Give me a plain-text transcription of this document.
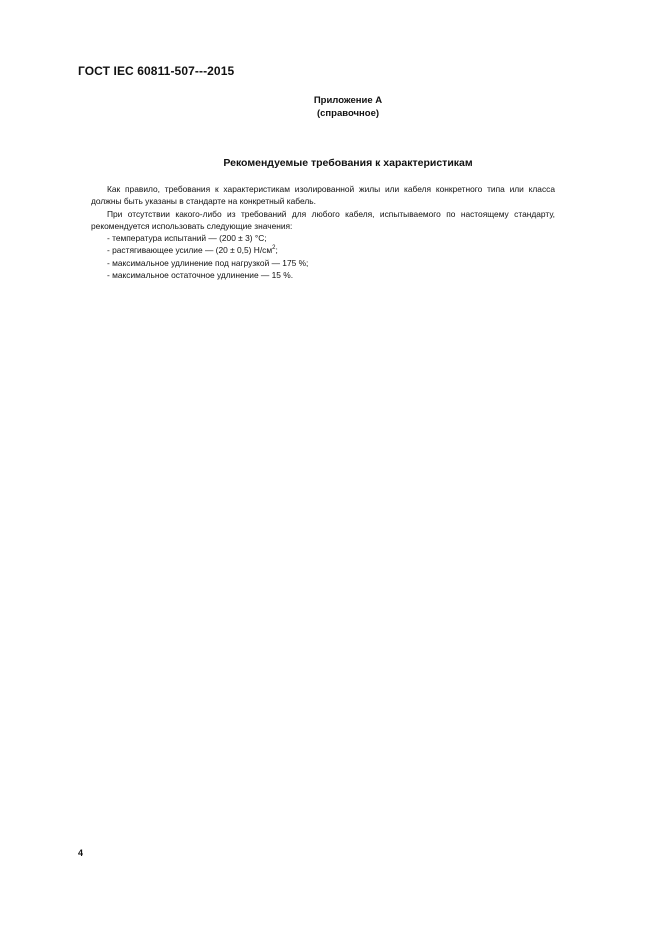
ГОСТ IEC 60811-507---2015
Приложение А
(справочное)
Рекомендуемые требования к характеристикам

Как правило, требования к характеристикам изолированной жилы или кабеля конкретного типа или класса должны быть указаны в стандарте на конкретный кабель.

При отсутствии какого-либо из требований для любого кабеля, испытываемого по настоящему стандарту, рекомендуется использовать следующие значения:

- температура испытаний — (200 ± 3) °С;
- растягивающее усилие — (20 ± 0,5) $Н/см^2$;
- максимальное удлинение под нагрузкой — 175 %;
- максимальное остаточное удлинение — 15 %.
4
